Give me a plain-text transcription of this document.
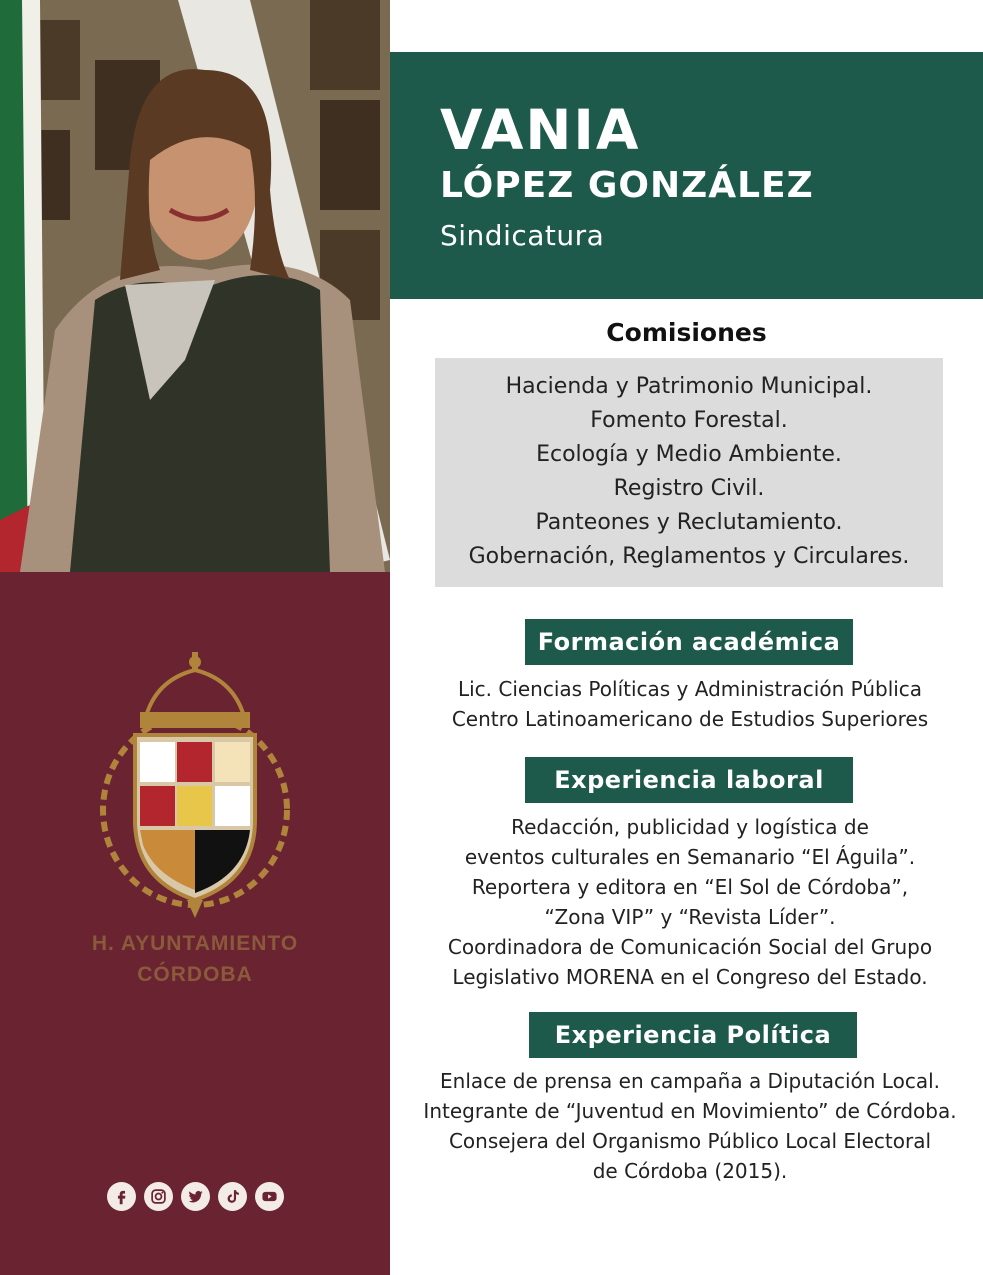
H. AYUNTAMIENTO
CÓRDOBA
VANIA
LÓPEZ GONZÁLEZ
Sindicatura
Comisiones
Hacienda y Patrimonio Municipal.
Fomento Forestal.
Ecología y Medio Ambiente.
Registro Civil.
Panteones y Reclutamiento.
Gobernación, Reglamentos y Circulares.
Formación académica
Lic. Ciencias Políticas y Administración Pública
Centro Latinoamericano de Estudios Superiores
Experiencia laboral
Redacción, publicidad y logística de
eventos culturales en Semanario “El Águila”.
Reportera y editora en “El Sol de Córdoba”,
“Zona VIP” y “Revista Líder”.
Coordinadora de Comunicación Social del Grupo
Legislativo MORENA en el Congreso del Estado.
Experiencia Política
Enlace de prensa en campaña a Diputación Local.
Integrante de “Juventud en Movimiento” de Córdoba.
Consejera del Organismo Público Local Electoral
de Córdoba (2015).
